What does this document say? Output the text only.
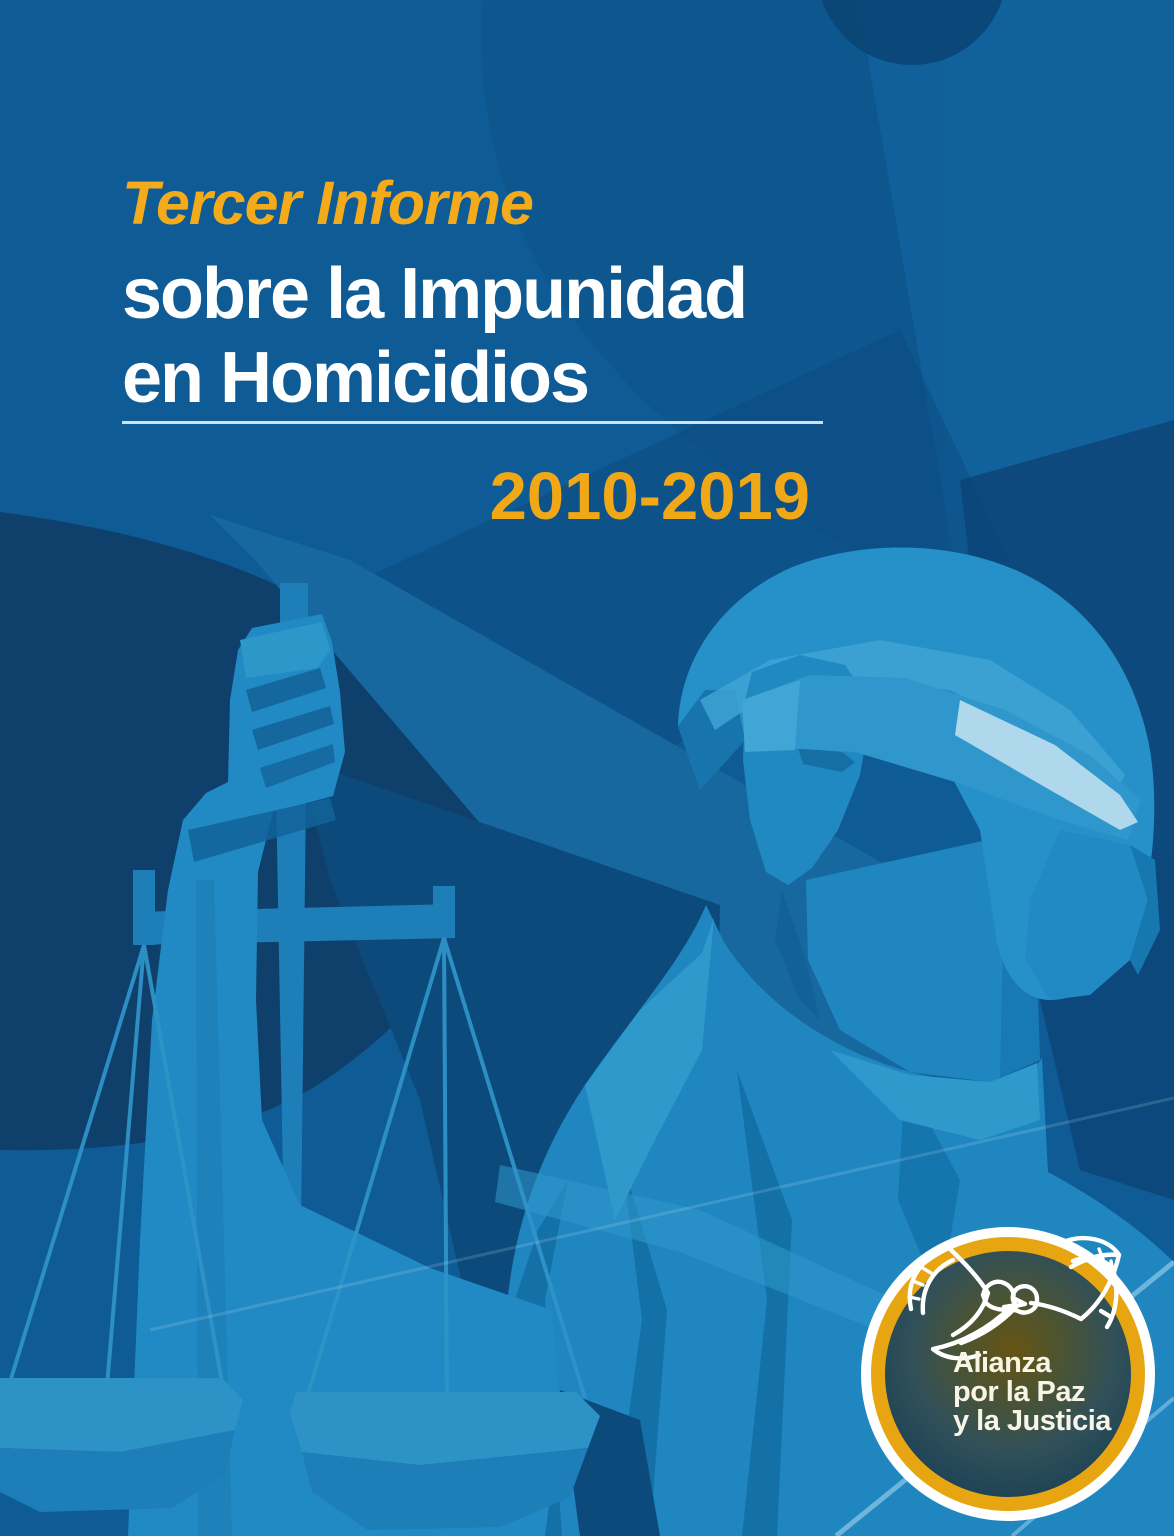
Tercer Informe
sobre la Impunidad
en Homicidios
2010-2019
Alianza
por la Paz
y la Justicia
